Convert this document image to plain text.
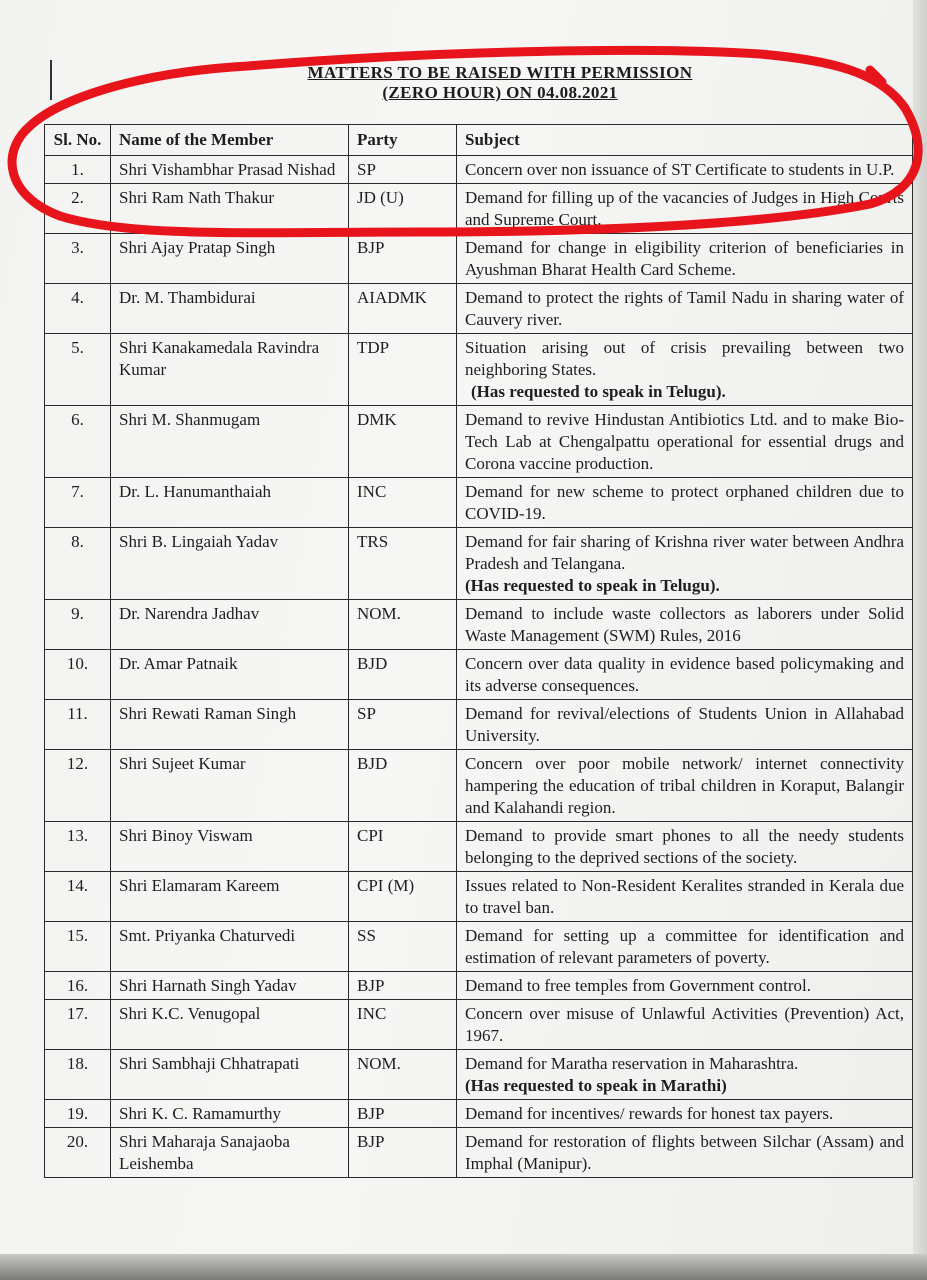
MATTERS TO BE RAISED WITH PERMISSION
(ZERO HOUR) ON 04.08.2021
Sl. No.	Name of the Member	Party	Subject
1.	Shri Vishambhar Prasad Nishad	SP	Concern over non issuance of ST Certificate to students in U.P.
2.	Shri Ram Nath Thakur	JD (U)	Demand for filling up of the vacancies of Judges in High Courts and Supreme Court.
3.	Shri Ajay Pratap Singh	BJP	Demand for change in eligibility criterion of beneficiaries in Ayushman Bharat Health Card Scheme.
4.	Dr. M. Thambidurai	AIADMK	Demand to protect the rights of Tamil Nadu in sharing water of Cauvery river.
5.	Shri Kanakamedala Ravindra Kumar	TDP	Situation arising out of crisis prevailing between two neighboring States.
(Has requested to speak in Telugu).

6.	Shri M. Shanmugam	DMK	Demand to revive Hindustan Antibiotics Ltd. and to make Bio-Tech Lab at Chengalpattu operational for essential drugs and Corona vaccine production.
7.	Dr. L. Hanumanthaiah	INC	Demand for new scheme to protect orphaned children due to COVID-19.
8.	Shri B. Lingaiah Yadav	TRS	Demand for fair sharing of Krishna river water between Andhra Pradesh and Telangana.
(Has requested to speak in Telugu).

9.	Dr. Narendra Jadhav	NOM.	Demand to include waste collectors as laborers under Solid Waste Management (SWM) Rules, 2016
10.	Dr. Amar Patnaik	BJD	Concern over data quality in evidence based policymaking and its adverse consequences.
11.	Shri Rewati Raman Singh	SP	Demand for revival/elections of Students Union in Allahabad University.
12.	Shri Sujeet Kumar	BJD	Concern over poor mobile network/ internet connectivity hampering the education of tribal children in Koraput, Balangir and Kalahandi region.
13.	Shri Binoy Viswam	CPI	Demand to provide smart phones to all the needy students belonging to the deprived sections of the society.
14.	Shri Elamaram Kareem	CPI (M)	Issues related to Non-Resident Keralites stranded in Kerala due to travel ban.
15.	Smt. Priyanka Chaturvedi	SS	Demand for setting up a committee for identification and estimation of relevant parameters of poverty.
16.	Shri Harnath Singh Yadav	BJP	Demand to free temples from Government control.
17.	Shri K.C. Venugopal	INC	Concern over misuse of Unlawful Activities (Prevention) Act, 1967.
18.	Shri Sambhaji Chhatrapati	NOM.	Demand for Maratha reservation in Maharashtra.
(Has requested to speak in Marathi)

19.	Shri K. C. Ramamurthy	BJP	Demand for incentives/ rewards for honest tax payers.
20.	Shri Maharaja Sanajaoba Leishemba	BJP	Demand for restoration of flights between Silchar (Assam) and Imphal (Manipur).
